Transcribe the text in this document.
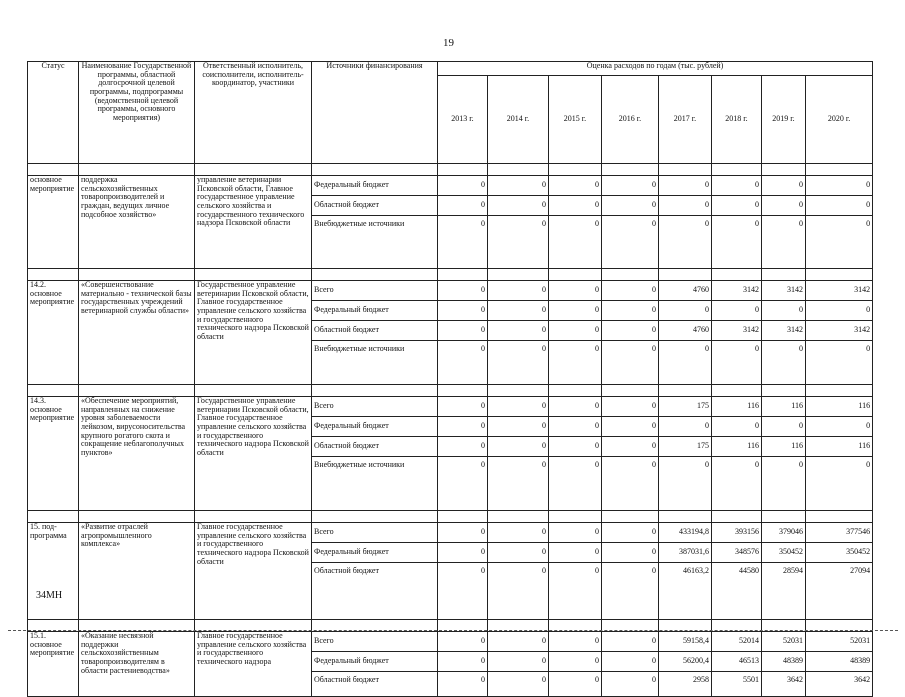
19
Статус	Наименование Государственной программы, областной долгосрочной целевой программы, подпрограммы (ведомственной целевой программы, основного мероприятия)	Ответственный исполнитель, соисполнители, исполнитель-координатор, участники	Источники финансирования	Оценка расходов по годам (тыс. рублей)							
				2013 г.	2014 г.	2015 г.	2016 г.	2017 г.	2018 г.	2019 г.	2020 г.

основное мероприятие	поддержка сельскохозяйственных товаропроизводителей и граждан, ведущих личное подсобное хозяйство»	управление ветеринарии Псковской области, Главное государственное управление сельского хозяйства и государственного технического надзора Псковской области	Федеральный бюджет	0	0	0	0	0	0	0	0
			Областной бюджет	0	0	0	0	0	0	0	0
			Внебюджетные источники	0	0	0	0	0	0	0	0

14.2. основное мероприятие	«Совершенствование материально - технической базы государственных учреждений ветеринарной службы области»	Государственное управление ветеринарии Псковской области, Главное государственное управление сельского хозяйства и государственного технического надзора Псковской области	Всего	0	0	0	0	4760	3142	3142	3142
			Федеральный бюджет	0	0	0	0	0	0	0	0
			Областной бюджет	0	0	0	0	4760	3142	3142	3142
			Внебюджетные источники	0	0	0	0	0	0	0	0

14.3. основное мероприятие	«Обеспечение мероприятий, направленных на снижение уровня заболеваемости лейкозом, вирусоносительства крупного рогатого скота и сокращение неблагополучных пунктов»	Государственное управление ветеринарии Псковской области, Главное государственное управление сельского хозяйства и государственного технического надзора Псковской области	Всего	0	0	0	0	175	116	116	116
			Федеральный бюджет	0	0	0	0	0	0	0	0
			Областной бюджет	0	0	0	0	175	116	116	116
			Внебюджетные источники	0	0	0	0	0	0	0	0

15. под-программа	«Развитие отраслей агропромышленного комплекса»	Главное государственное управление сельского хозяйства и государственного технического надзора Псковской области	Всего	0	0	0	0	433194,8	393156	379046	377546
			Федеральный бюджет	0	0	0	0	387031,6	348576	350452	350452
			Областной бюджет	0	0	0	0	46163,2	44580	28594	27094

15.1. основное мероприятие	«Оказание несвязной поддержки сельскохозяйственным товаропроизводителям в области растениеводства»	Главное государственное управление сельского хозяйства и государственного технического надзора	Всего	0	0	0	0	59158,4	52014	52031	52031
			Федеральный бюджет	0	0	0	0	56200,4	46513	48389	48389
			Областной бюджет	0	0	0	0	2958	5501	3642	3642
34МН
